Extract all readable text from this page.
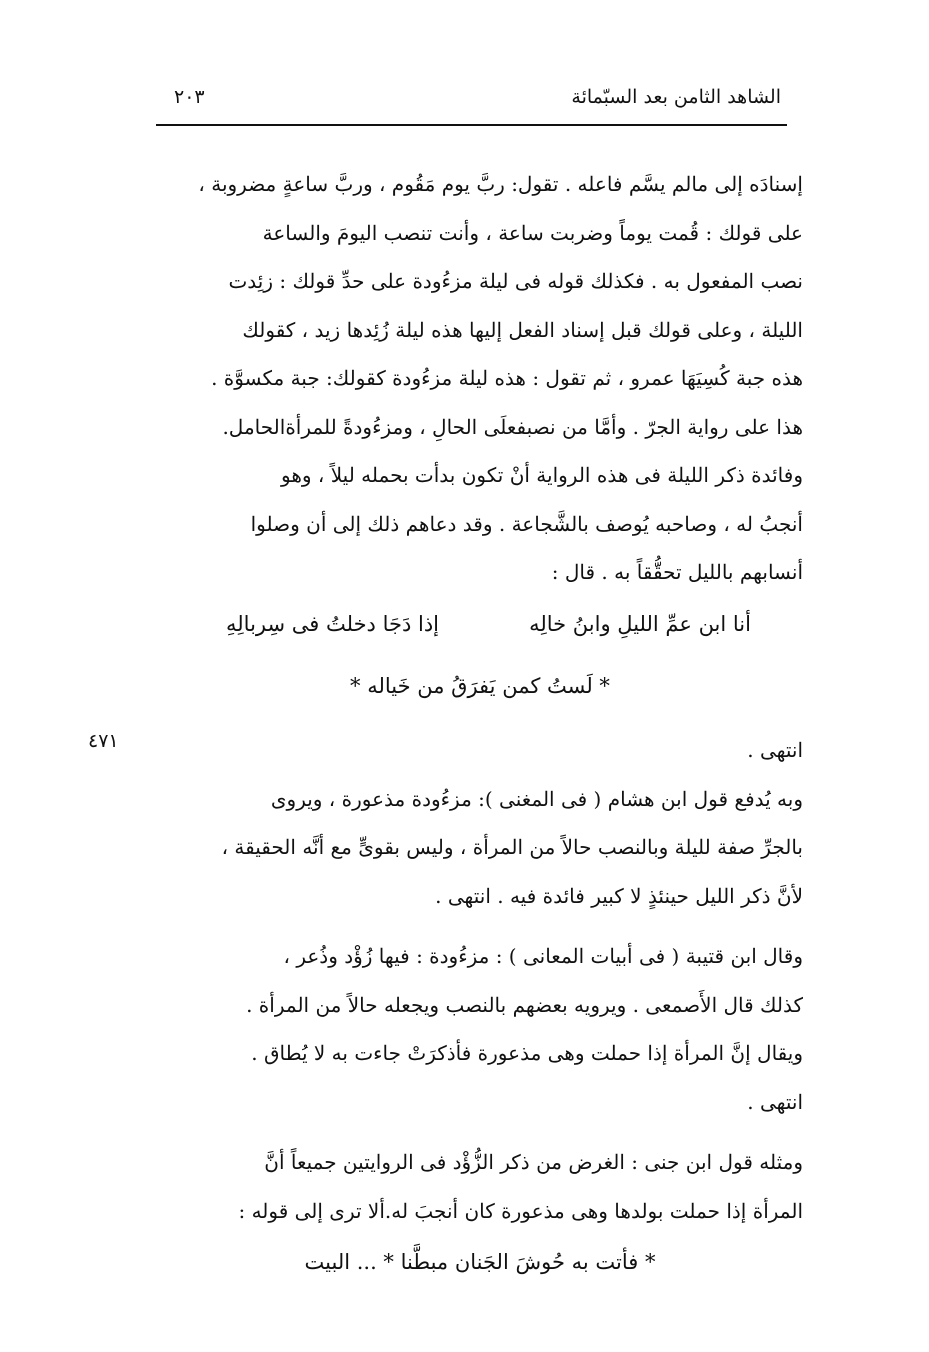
الشاهد الثامن بعد السبّمائة
٢٠٣
إسنادَه إلى مالم يسَّم فاعله . تقول: ربَّ يوم مَقُوم ، وربَّ ساعةٍ مضروبة ،
على قولك : قُمت يوماً وضربت ساعة ، وأنت تنصب اليومَ والساعة
نصب المفعول به . فكذلك قوله فى ليلة مزءُودة على حدِّ قولك : زئِدت
الليلة ، وعلى قولك قبل إسناد الفعل إليها هذه ليلة زُئِدها زيد ، كقولك
هذه جبة كُسِيَهَا عمرو ، ثم تقول : هذه ليلة مزءُودة كقولك: جبة مكسوَّة .
هذا على رواية الجرّ . وأمَّا من نصبفعلَى الحالِ ، ومزءُودةً للمرأةالحامل.
وفائدة ذكر الليلة فى هذه الرواية أنْ تكون بدأت بحمله ليلاً ، وهو
أنجبُ له ، وصاحبه يُوصف بالشَّجاعة . وقد دعاهم ذلك إلى أن وصلوا
أنسابهم بالليل تحقُّقاً به . قال :
أنا ابن عمِّ الليلِ وابنُ خالِه
إذا دَجَا دخلتُ فى سِربالِهِ
* لَستُ كمن يَفرَقُ من خَياله *
٤٧١	انتهى .
وبه يُدفع قول ابن هشام ( فى المغنى ): مزءُودة مذعورة ، ويروى
بالجرِّ صفة لليلة وبالنصب حالاً من المرأة ، وليس بقوىٍّ مع أنَّه الحقيقة ،
لأنَّ ذكر الليل حينئذٍ لا كبير فائدة فيه . انتهى .
وقال ابن قتيبة ( فى أبيات المعانى ) : مزءُودة : فيها زُؤْد وذُعر ،
كذلك قال الأَصمعى . ويرويه بعضهم بالنصب ويجعله حالاً من المرأة .
ويقال إنَّ المرأة إذا حملت وهى مذعورة فأذكرَتْ جاءت به لا يُطاق .
انتهى .
ومثله قول ابن جنى : الغرض من ذكر الزُّؤْد فى الروايتين جميعاً أنَّ
المرأة إذا حملت بولدها وهى مذعورة كان أنجبَ له.ألا ترى إلى قوله :
* فأتت به حُوشَ الجَنان مبطَّنا * ... البيت
